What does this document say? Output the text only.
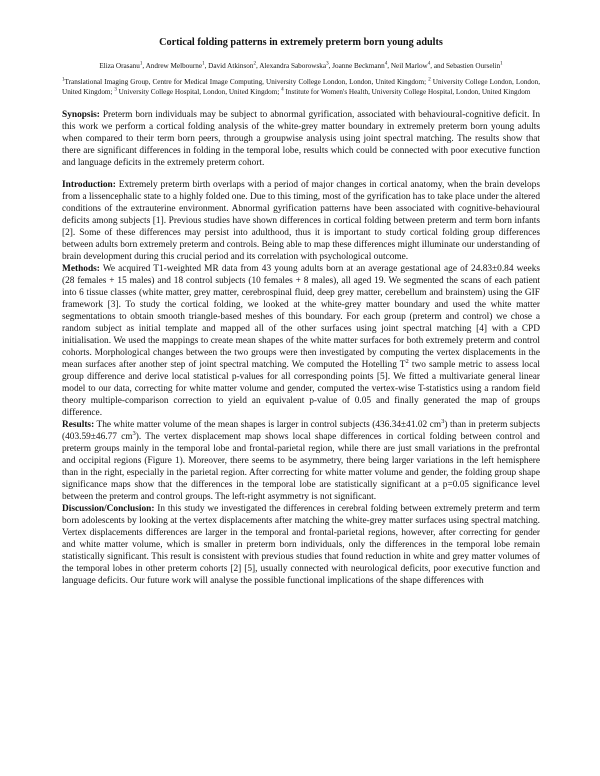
Cortical folding patterns in extremely preterm born young adults
Eliza Orasanu$^1$, Andrew Melbourne$^1$, David Atkinson$^2$, Alexandra Saborowska$^3$, Joanne Beckmann$^4$, Neil Marlow$^4$, and Sebastien Ourselin$^1$
$^1$Translational Imaging Group, Centre for Medical Image Computing, University College London, London, United Kingdom; $^2$ University College London, London, United Kingdom; $^3$ University College Hospital, London, United Kingdom; $^4$ Institute for Women's Health, University College Hospital, London, United Kingdom

Synopsis: Preterm born individuals may be subject to abnormal gyrification, associated with behavioural-cognitive deficit. In this work we perform a cortical folding analysis of the white-grey matter boundary in extremely preterm born young adults when compared to their term born peers, through a groupwise analysis using joint spectral matching. The results show that there are significant differences in folding in the temporal lobe, results which could be connected with poor executive function and language deficits in the extremely preterm cohort.

Introduction: Extremely preterm birth overlaps with a period of major changes in cortical anatomy, when the brain develops from a lissencephalic state to a highly folded one. Due to this timing, most of the gyrification has to take place under the altered conditions of the extrauterine environment. Abnormal gyrification patterns have been associated with cognitive-behavioural deficits among subjects [1]. Previous studies have shown differences in cortical folding between preterm and term born infants [2]. Some of these differences may persist into adulthood, thus it is important to study cortical folding group differences between adults born extremely preterm and controls. Being able to map these differences might illuminate our understanding of brain development during this crucial period and its correlation with psychological outcome.

Methods: We acquired T1-weighted MR data from 43 young adults born at an average gestational age of 24.83±0.84 weeks (28 females + 15 males) and 18 control subjects (10 females + 8 males), all aged 19. We segmented the scans of each patient into 6 tissue classes (white matter, grey matter, cerebrospinal fluid, deep grey matter, cerebellum and brainstem) using the GIF framework [3]. To study the cortical folding, we looked at the white-grey matter boundary and used the white matter segmentations to obtain smooth triangle-based meshes of this boundary. For each group (preterm and control) we chose a random subject as initial template and mapped all of the other surfaces using joint spectral matching [4] with a CPD initialisation. We used the mappings to create mean shapes of the white matter surfaces for both extremely preterm and control cohorts. Morphological changes between the two groups were then investigated by computing the vertex displacements in the mean surfaces after another step of joint spectral matching. We computed the Hotelling $T^2$ two sample metric to assess local group difference and derive local statistical p-values for all corresponding points [5]. We fitted a multivariate general linear model to our data, correcting for white matter volume and gender, computed the vertex-wise T-statistics using a random field theory multiple-comparison correction to yield an equivalent p-value of 0.05 and finally generated the map of groups difference.

Results: The white matter volume of the mean shapes is larger in control subjects (436.34±41.02 $cm^3$) than in preterm subjects (403.59±46.77 $cm^3$). The vertex displacement map shows local shape differences in cortical folding between control and preterm groups mainly in the temporal lobe and frontal-parietal region, while there are just small variations in the prefrontal and occipital regions (Figure 1). Moreover, there seems to be asymmetry, there being larger variations in the left hemisphere than in the right, especially in the parietal region. After correcting for white matter volume and gender, the folding group shape significance maps show that the differences in the temporal lobe are statistically significant at a p=0.05 significance level between the preterm and control groups. The left-right asymmetry is not significant.

Discussion/Conclusion: In this study we investigated the differences in cerebral folding between extremely preterm and term born adolescents by looking at the vertex displacements after matching the white-grey matter surfaces using spectral matching. Vertex displacements differences are larger in the temporal and frontal-parietal regions, however, after correcting for gender and white matter volume, which is smaller in preterm born individuals, only the differences in the temporal lobe remain statistically significant. This result is consistent with previous studies that found reduction in white and grey matter volumes of the temporal lobes in other preterm cohorts [2] [5], usually connected with neurological deficits, poor executive function and language deficits. Our future work will analyse the possible functional implications of the shape differences with
